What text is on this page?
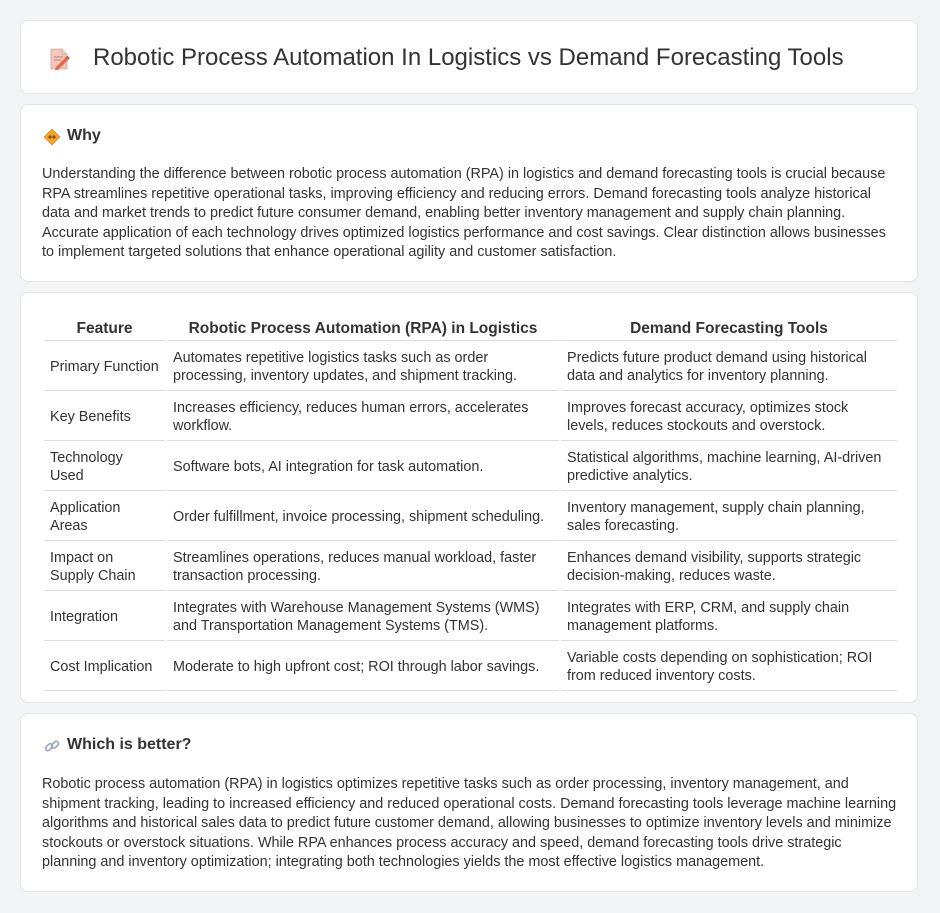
Robotic Process Automation In Logistics vs Demand Forecasting Tools
Why

Understanding the difference between robotic process automation (RPA) in logistics and demand forecasting tools is crucial because RPA streamlines repetitive operational tasks, improving efficiency and reducing errors. Demand forecasting tools analyze historical data and market trends to predict future consumer demand, enabling better inventory management and supply chain planning. Accurate application of each technology drives optimized logistics performance and cost savings. Clear distinction allows businesses to implement targeted solutions that enhance operational agility and customer satisfaction.

Feature	Robotic Process Automation (RPA) in Logistics	Demand Forecasting Tools
Primary Function	Automates repetitive logistics tasks such as order processing, inventory updates, and shipment tracking.	Predicts future product demand using historical data and analytics for inventory planning.
Key Benefits	Increases efficiency, reduces human errors, accelerates workflow.	Improves forecast accuracy, optimizes stock levels, reduces stockouts and overstock.
Technology Used	Software bots, AI integration for task automation.	Statistical algorithms, machine learning, AI-driven predictive analytics.
Application Areas	Order fulfillment, invoice processing, shipment scheduling.	Inventory management, supply chain planning, sales forecasting.
Impact on Supply Chain	Streamlines operations, reduces manual workload, faster transaction processing.	Enhances demand visibility, supports strategic decision-making, reduces waste.
Integration	Integrates with Warehouse Management Systems (WMS) and Transportation Management Systems (TMS).	Integrates with ERP, CRM, and supply chain management platforms.
Cost Implication	Moderate to high upfront cost; ROI through labor savings.	Variable costs depending on sophistication; ROI from reduced inventory costs.
Which is better?

Robotic process automation (RPA) in logistics optimizes repetitive tasks such as order processing, inventory management, and shipment tracking, leading to increased efficiency and reduced operational costs. Demand forecasting tools leverage machine learning algorithms and historical sales data to predict future customer demand, allowing businesses to optimize inventory levels and minimize stockouts or overstock situations. While RPA enhances process accuracy and speed, demand forecasting tools drive strategic planning and inventory optimization; integrating both technologies yields the most effective logistics management.
